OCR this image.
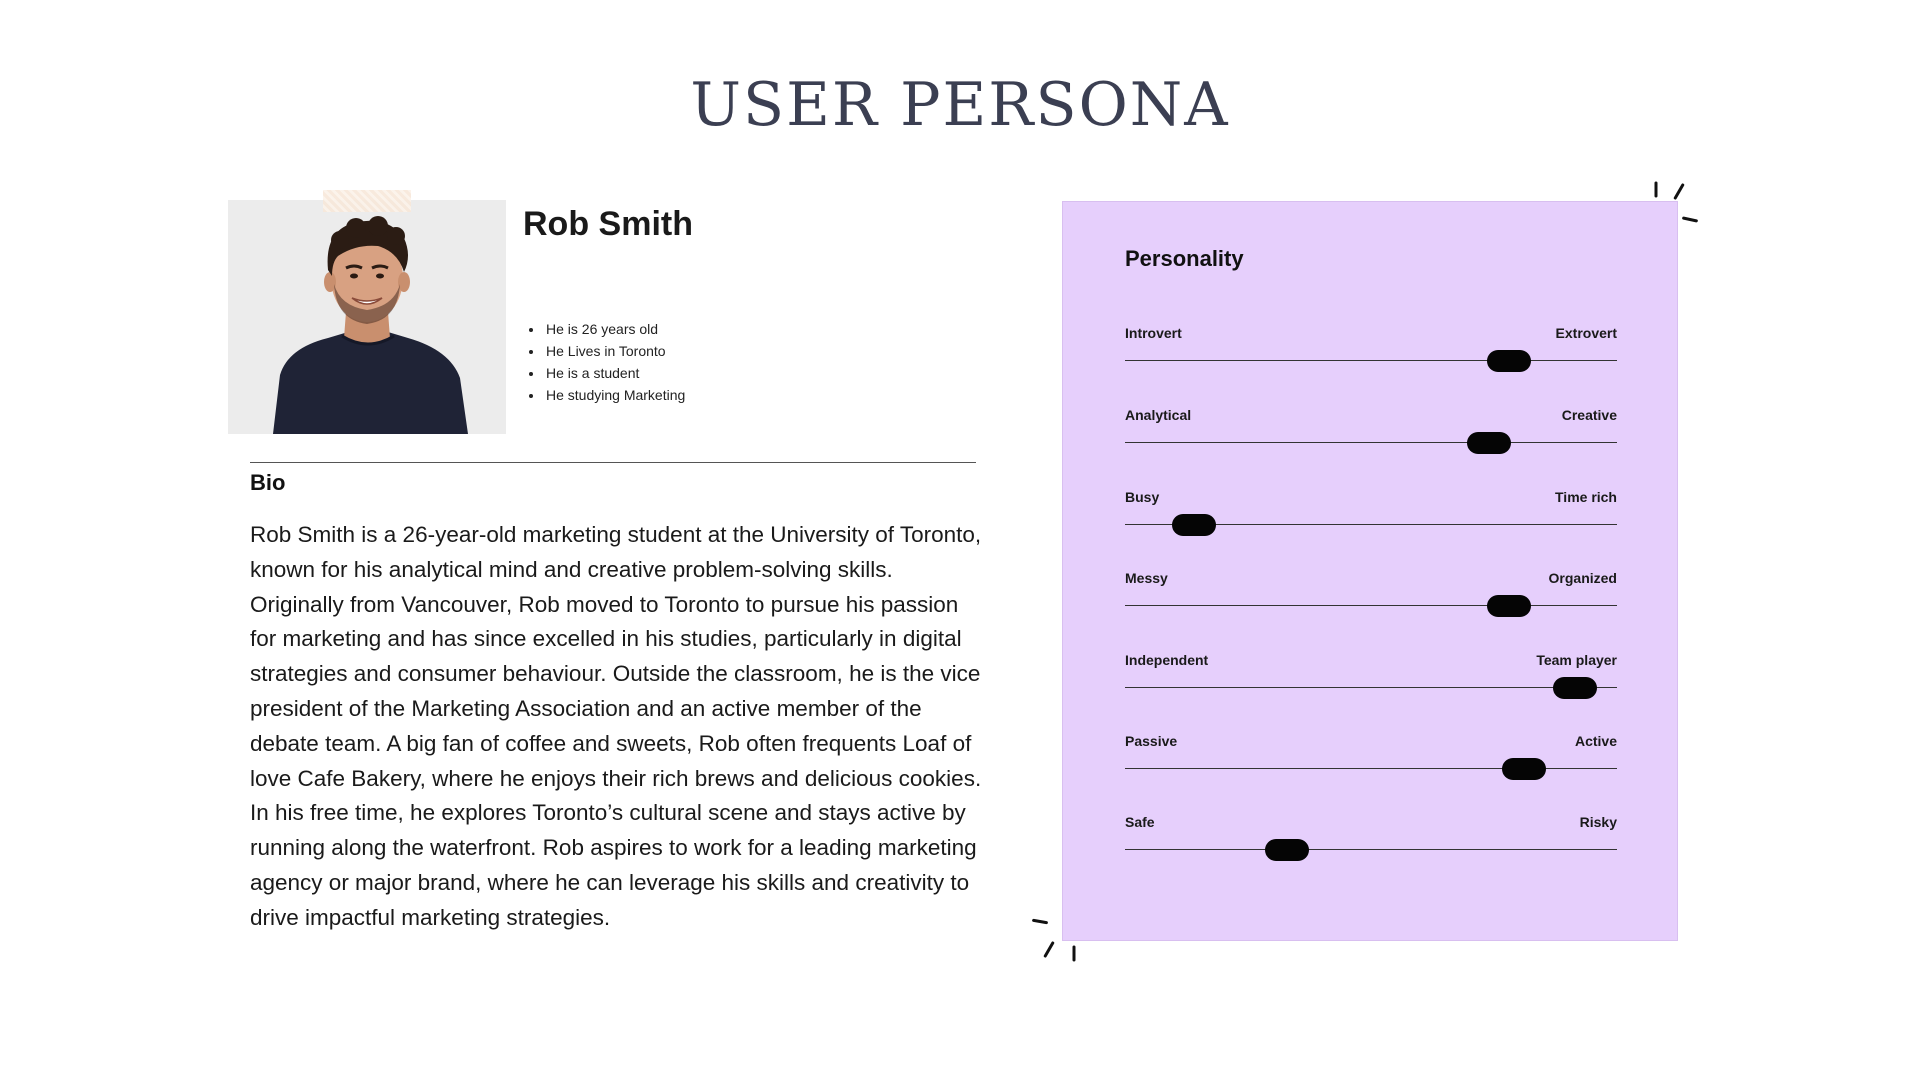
USER PERSONA
Rob Smith
• He is 26 years old
• He Lives in Toronto
• He is a student
• He studying Marketing
Bio

Rob Smith is a 26-year-old marketing student at the University of Toronto, known for his analytical mind and creative problem-solving skills. Originally from Vancouver, Rob moved to Toronto to pursue his passion for marketing and has since excelled in his studies, particularly in digital strategies and consumer behaviour. Outside the classroom, he is the vice president of the Marketing Association and an active member of the debate team. A big fan of coffee and sweets, Rob often frequents Loaf of love Cafe Bakery, where he enjoys their rich brews and delicious cookies. In his free time, he explores Toronto’s cultural scene and stays active by running along the waterfront. Rob aspires to work for a leading marketing agency or major brand, where he can leverage his skills and creativity to drive impactful marketing strategies.

Personality
Introvert	Extrovert
Analytical	Creative
Busy	Time rich
Messy	Organized
Independent	Team player
Passive	Active
Safe	Risky
